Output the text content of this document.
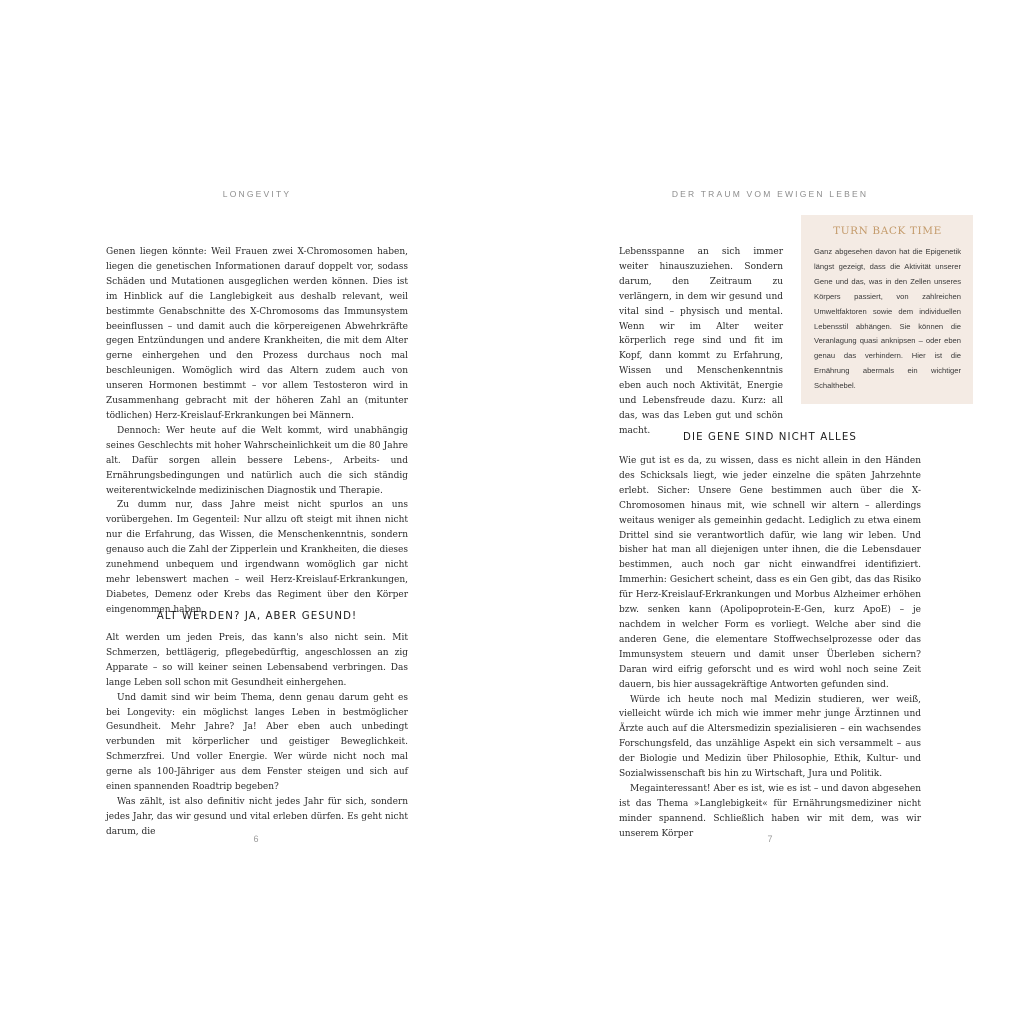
LONGEVITY

Genen liegen könnte: Weil Frauen zwei X-Chromosomen haben, liegen die genetischen Informationen darauf doppelt vor, sodass Schäden und Mutationen ausgeglichen werden können. Dies ist im Hinblick auf die Langlebigkeit aus deshalb relevant, weil bestimmte Genabschnitte des X-Chromosoms das Immunsystem beeinflussen – und damit auch die körpereigenen Abwehrkräfte gegen Entzündungen und andere Krankheiten, die mit dem Alter gerne einhergehen und den Prozess durchaus noch mal beschleunigen. Womöglich wird das Altern zudem auch von unseren Hormonen bestimmt – vor allem Testosteron wird in Zusammenhang gebracht mit der höheren Zahl an (mitunter tödlichen) Herz-Kreislauf-Erkrankungen bei Männern.

Dennoch: Wer heute auf die Welt kommt, wird unabhängig seines Geschlechts mit hoher Wahrscheinlichkeit um die 80 Jahre alt. Dafür sorgen allein bessere Lebens-, Arbeits- und Ernährungsbedingungen und natürlich auch die sich ständig weiterentwickelnde medizinischen Diagnostik und Therapie.

Zu dumm nur, dass Jahre meist nicht spurlos an uns vorübergehen. Im Gegenteil: Nur allzu oft steigt mit ihnen nicht nur die Erfahrung, das Wissen, die Menschenkenntnis, sondern genauso auch die Zahl der Zipperlein und Krankheiten, die dieses zunehmend unbequem und irgendwann womöglich gar nicht mehr lebenswert machen – weil Herz-Kreislauf-Erkrankungen, Diabetes, Demenz oder Krebs das Regiment über den Körper eingenommen haben.

ALT WERDEN? JA, ABER GESUND!

Alt werden um jeden Preis, das kann's also nicht sein. Mit Schmerzen, bettlägerig, pflegebedürftig, angeschlossen an zig Apparate – so will keiner seinen Lebensabend verbringen. Das lange Leben soll schon mit Gesundheit einhergehen.

Und damit sind wir beim Thema, denn genau darum geht es bei Longevity: ein möglichst langes Leben in bestmöglicher Gesundheit. Mehr Jahre? Ja! Aber eben auch unbedingt verbunden mit körperlicher und geistiger Beweglichkeit. Schmerzfrei. Und voller Energie. Wer würde nicht noch mal gerne als 100-Jähriger aus dem Fenster steigen und sich auf einen spannenden Roadtrip begeben?

Was zählt, ist also definitiv nicht jedes Jahr für sich, sondern jedes Jahr, das wir gesund und vital erleben dürfen. Es geht nicht darum, die

6
DER TRAUM VOM EWIGEN LEBEN

Lebensspanne an sich immer weiter hinauszuziehen. Sondern darum, den Zeitraum zu verlängern, in dem wir gesund und vital sind – physisch und mental. Wenn wir im Alter weiter körperlich rege sind und fit im Kopf, dann kommt zu Erfahrung, Wissen und Menschenkenntnis eben auch noch Aktivität, Energie und Lebensfreude dazu. Kurz: all das, was das Leben gut und schön macht.

TURN BACK TIME

Ganz abgesehen davon hat die Epigenetik längst gezeigt, dass die Aktivität unserer Gene und das, was in den Zellen unseres Körpers passiert, von zahlreichen Umweltfaktoren sowie dem individuellen Lebensstil abhängen. Sie können die Veranlagung quasi anknipsen – oder eben genau das verhindern. Hier ist die Ernährung abermals ein wichtiger Schalthebel.

DIE GENE SIND NICHT ALLES

Wie gut ist es da, zu wissen, dass es nicht allein in den Händen des Schicksals liegt, wie jeder einzelne die späten Jahrzehnte erlebt. Sicher: Unsere Gene bestimmen auch über die X-Chromosomen hinaus mit, wie schnell wir altern – allerdings weitaus weniger als gemeinhin gedacht. Lediglich zu etwa einem Drittel sind sie verantwortlich dafür, wie lang wir leben. Und bisher hat man all diejenigen unter ihnen, die die Lebensdauer bestimmen, auch noch gar nicht einwandfrei identifiziert. Immerhin: Gesichert scheint, dass es ein Gen gibt, das das Risiko für Herz-Kreislauf-Erkrankungen und Morbus Alzheimer erhöhen bzw. senken kann (Apolipoprotein-E-Gen, kurz ApoE) – je nachdem in welcher Form es vorliegt. Welche aber sind die anderen Gene, die elementare Stoffwechselprozesse oder das Immunsystem steuern und damit unser Überleben sichern? Daran wird eifrig geforscht und es wird wohl noch seine Zeit dauern, bis hier aussagekräftige Antworten gefunden sind.

Würde ich heute noch mal Medizin studieren, wer weiß, vielleicht würde ich mich wie immer mehr junge Ärztinnen und Ärzte auch auf die Altersmedizin spezialisieren – ein wachsendes Forschungsfeld, das unzählige Aspekt ein sich versammelt – aus der Biologie und Medizin über Philosophie, Ethik, Kultur- und Sozialwissenschaft bis hin zu Wirtschaft, Jura und Politik.

Megainteressant! Aber es ist, wie es ist – und davon abgesehen ist das Thema »Langlebigkeit« für Ernährungsmediziner nicht minder spannend. Schließlich haben wir mit dem, was wir unserem Körper

7
